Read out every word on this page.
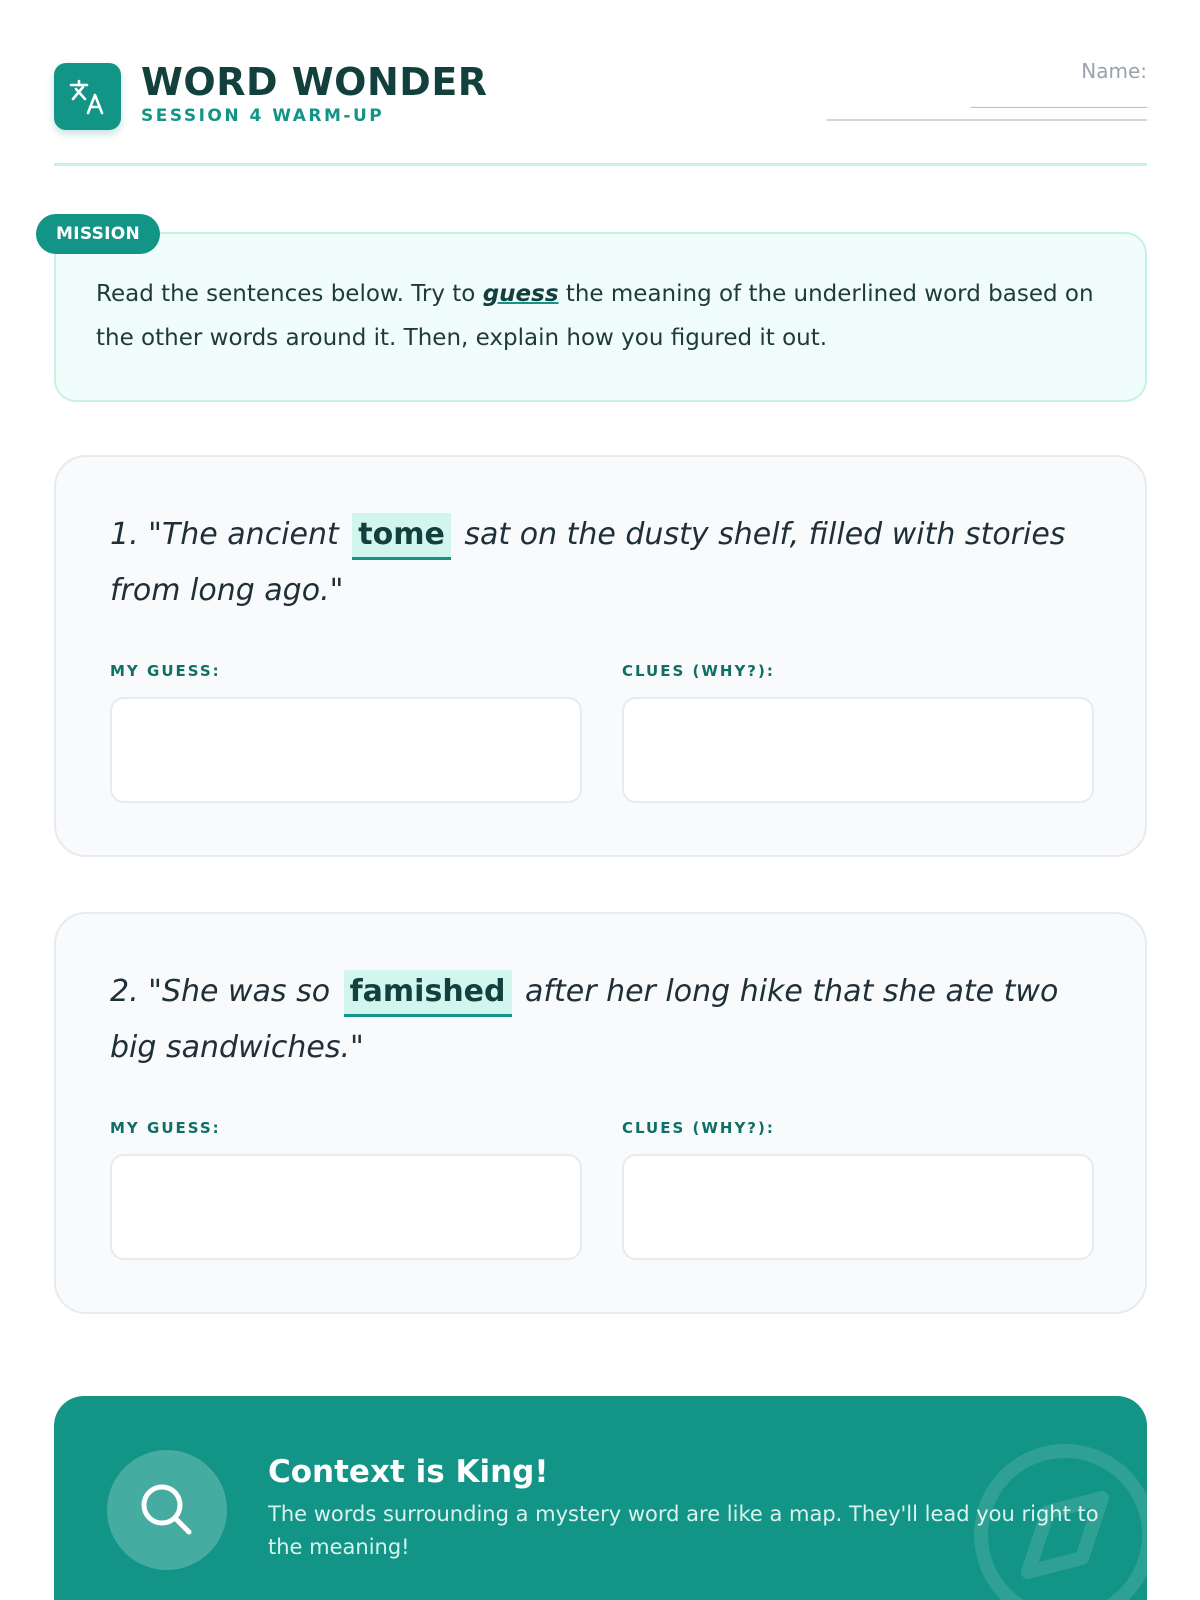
WORD WONDER
SESSION 4 WARM-UP
Name:
______________________
Read the sentences below. Try to guess the meaning of the underlined word based on the other words around it. Then, explain how you figured it out.
MISSION
1. "The ancient tome sat on the dusty shelf, filled with stories from long ago."
MY GUESS:	CLUES (WHY?):
2. "She was so famished after her long hike that she ate two big sandwiches."
MY GUESS:	CLUES (WHY?):
Context is King!
The words surrounding a mystery word are like a map. They'll lead you right to the meaning!
